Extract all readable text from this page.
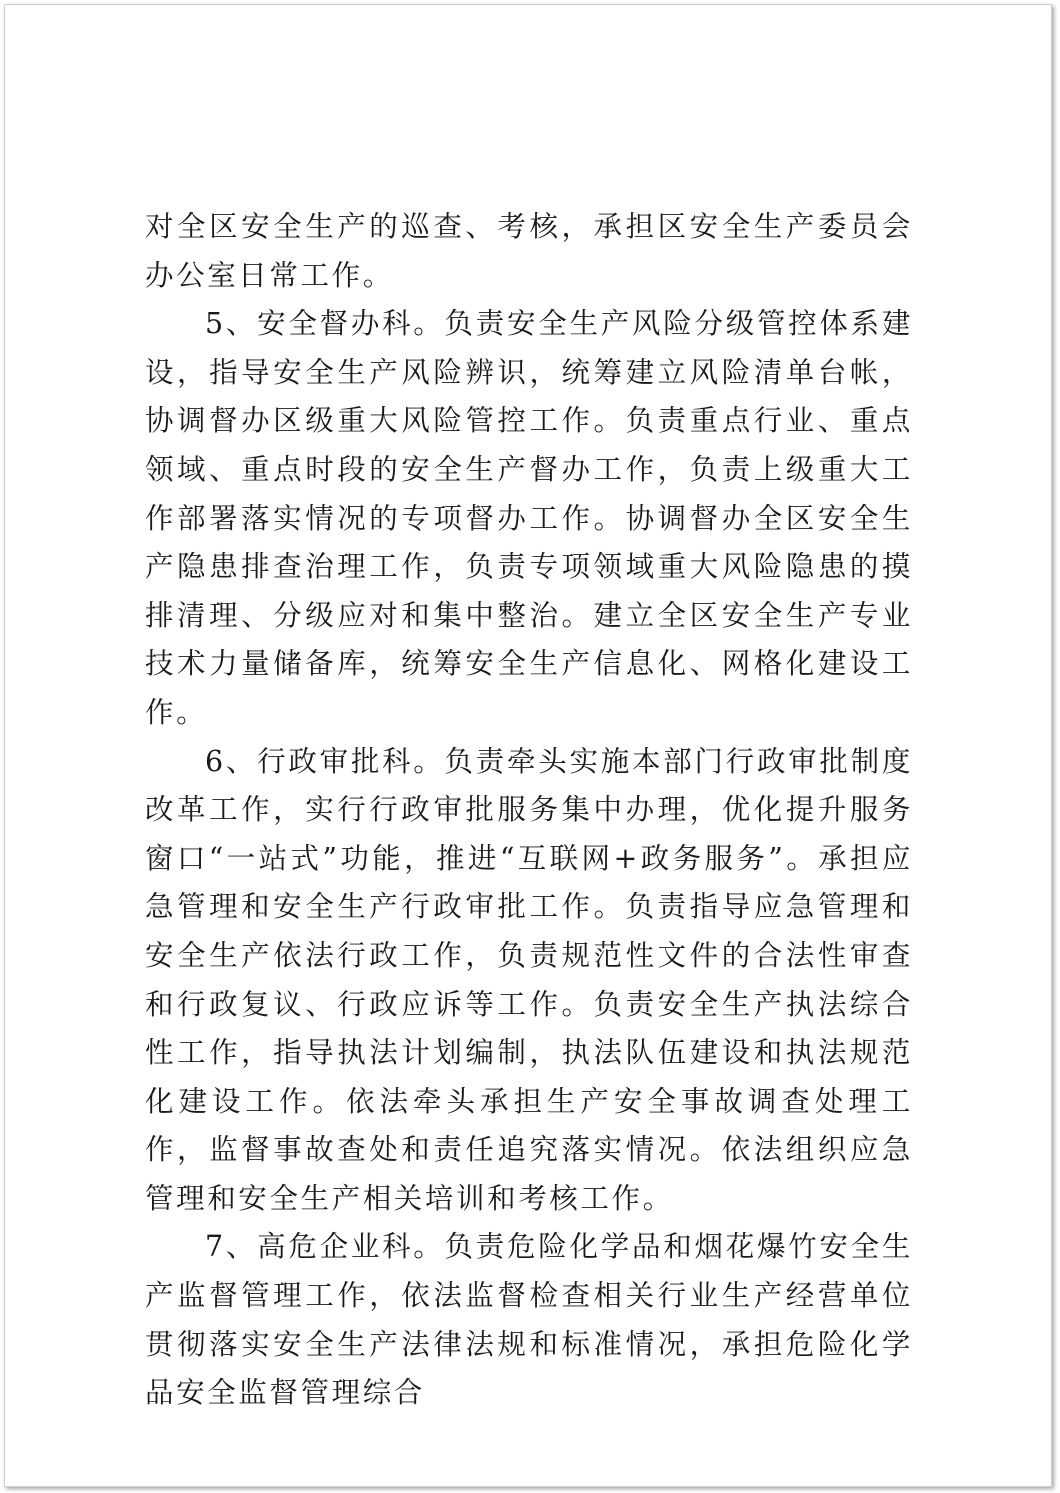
对全区安全生产的巡查、考核，承担区安全生产委员会办公室日常工作。

5、安全督办科。负责安全生产风险分级管控体系建设，指导安全生产风险辨识，统筹建立风险清单台帐，协调督办区级重大风险管控工作。负责重点行业、重点领域、重点时段的安全生产督办工作，负责上级重大工作部署落实情况的专项督办工作。协调督办全区安全生产隐患排查治理工作，负责专项领域重大风险隐患的摸排清理、分级应对和集中整治。建立全区安全生产专业技术力量储备库，统筹安全生产信息化、网格化建设工作。

6、行政审批科。负责牵头实施本部门行政审批制度改革工作，实行行政审批服务集中办理，优化提升服务窗口“一站式”功能，推进“互联网+政务服务”。承担应急管理和安全生产行政审批工作。负责指导应急管理和安全生产依法行政工作，负责规范性文件的合法性审查和行政复议、行政应诉等工作。负责安全生产执法综合性工作，指导执法计划编制，执法队伍建设和执法规范化建设工作。依法牵头承担生产安全事故调查处理工作，监督事故查处和责任追究落实情况。依法组织应急管理和安全生产相关培训和考核工作。

7、高危企业科。负责危险化学品和烟花爆竹安全生产监督管理工作，依法监督检查相关行业生产经营单位贯彻落实安全生产法律法规和标准情况，承担危险化学品安全监督管理综合
